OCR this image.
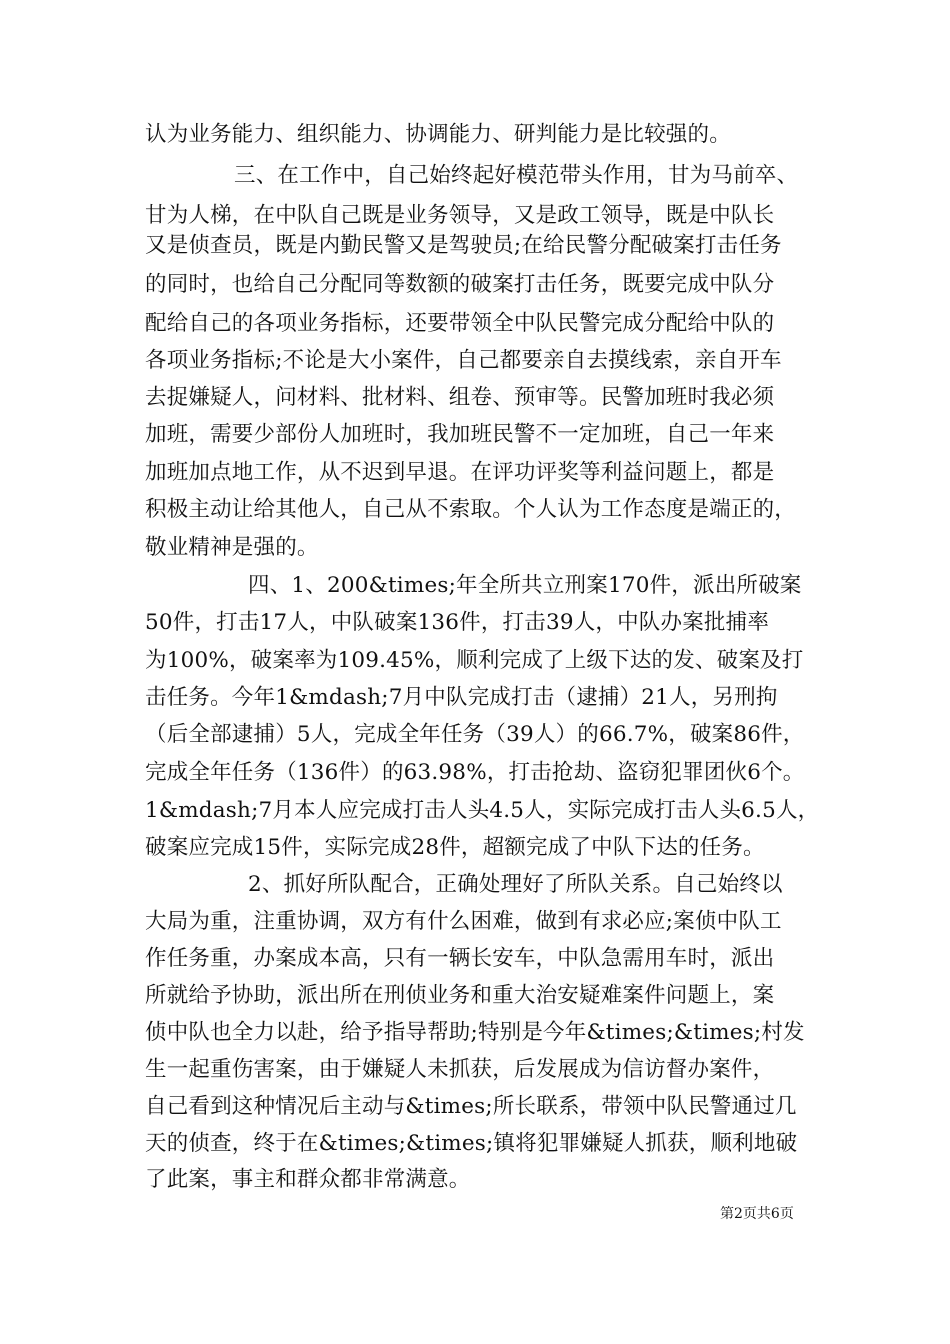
认为业务能力、组织能力、协调能力、研判能力是比较强的。
三、在工作中，自己始终起好模范带头作用，甘为马前卒、
甘为人梯，在中队自己既是业务领导，又是政工领导，既是中队长
又是侦查员，既是内勤民警又是驾驶员;在给民警分配破案打击任务
的同时，也给自己分配同等数额的破案打击任务，既要完成中队分
配给自己的各项业务指标，还要带领全中队民警完成分配给中队的
各项业务指标;不论是大小案件，自己都要亲自去摸线索，亲自开车
去捉嫌疑人，问材料、批材料、组卷、预审等。民警加班时我必须
加班，需要少部份人加班时，我加班民警不一定加班，自己一年来
加班加点地工作，从不迟到早退。在评功评奖等利益问题上，都是
积极主动让给其他人，自己从不索取。个人认为工作态度是端正的，
敬业精神是强的。
四、1、200&times;年全所共立刑案170件，派出所破案
50件，打击17人，中队破案136件，打击39人，中队办案批捕率
为100%，破案率为109.45%，顺利完成了上级下达的发、破案及打
击任务。今年1&mdash;7月中队完成打击（逮捕）21人，另刑拘
（后全部逮捕）5人，完成全年任务（39人）的66.7%，破案86件，
完成全年任务（136件）的63.98%，打击抢劫、盗窃犯罪团伙6个。
1&mdash;7月本人应完成打击人头4.5人，实际完成打击人头6.5人，
破案应完成15件，实际完成28件，超额完成了中队下达的任务。
2、抓好所队配合，正确处理好了所队关系。自己始终以
大局为重，注重协调，双方有什么困难，做到有求必应;案侦中队工
作任务重，办案成本高，只有一辆长安车，中队急需用车时，派出
所就给予协助，派出所在刑侦业务和重大治安疑难案件问题上，案
侦中队也全力以赴，给予指导帮助;特别是今年&times;&times;村发
生一起重伤害案，由于嫌疑人未抓获，后发展成为信访督办案件，
自己看到这种情况后主动与&times;所长联系，带领中队民警通过几
天的侦查，终于在&times;&times;镇将犯罪嫌疑人抓获，顺利地破
了此案，事主和群众都非常满意。
第2页共6页
